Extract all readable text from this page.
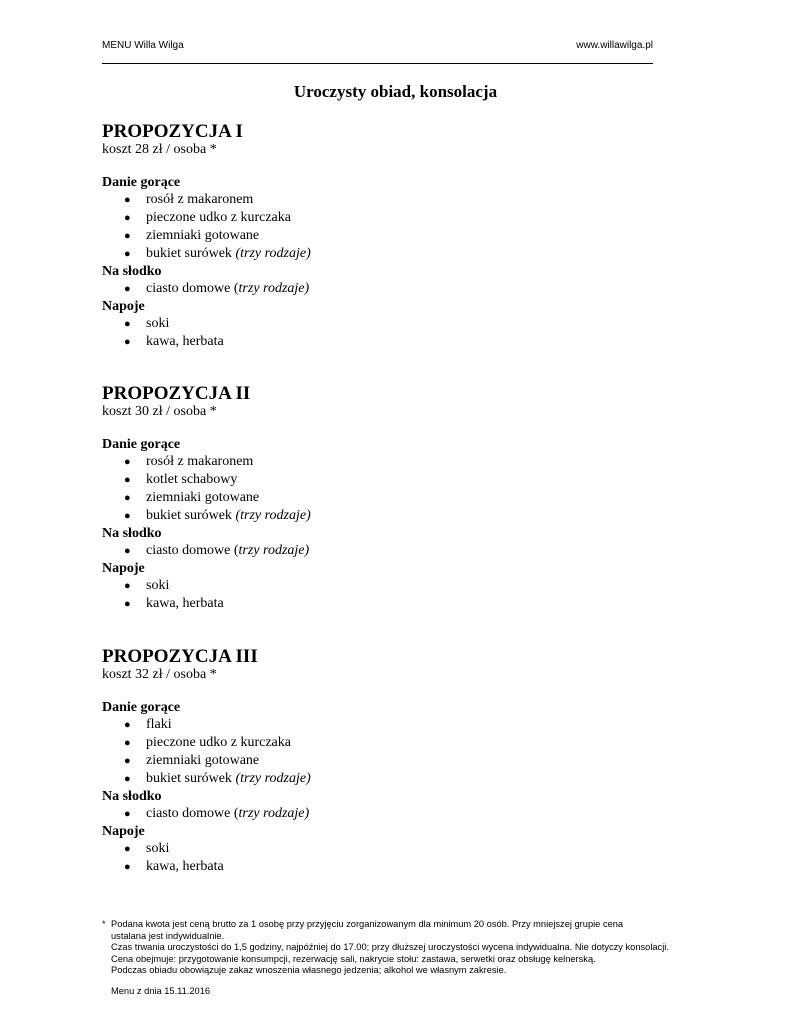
MENU Willa Wilga	www.willawilga.pl
Uroczysty obiad, konsolacja
PROPOZYCJA I
koszt 28 zł / osoba *
Danie gorące
● rosół z makaronem
● pieczone udko z kurczaka
● ziemniaki gotowane
● bukiet surówek (trzy rodzaje)
Na słodko
● ciasto domowe (trzy rodzaje)
Napoje
● soki
● kawa, herbata
PROPOZYCJA II
koszt 30 zł / osoba *
Danie gorące
● rosół z makaronem
● kotlet schabowy
● ziemniaki gotowane
● bukiet surówek (trzy rodzaje)
Na słodko
● ciasto domowe (trzy rodzaje)
Napoje
● soki
● kawa, herbata
PROPOZYCJA III
koszt 32 zł / osoba *
Danie gorące
● flaki
● pieczone udko z kurczaka
● ziemniaki gotowane
● bukiet surówek (trzy rodzaje)
Na słodko
● ciasto domowe (trzy rodzaje)
Napoje
● soki
● kawa, herbata
* Podana kwota jest ceną brutto za 1 osobę przy przyjęciu zorganizowanym dla minimum 20 osób. Przy mniejszej grupie cena
ustalana jest indywidualnie.
Czas trwania uroczystości do 1,5 godziny, najpóźniej do 17.00; przy dłuższej uroczystości wycena indywidualna. Nie dotyczy konsolacji.
Cena obejmuje: przygotowanie konsumpcji, rezerwację sali, nakrycie stołu: zastawa, serwetki oraz obsługę kelnerską.
Podczas obiadu obowiązuje zakaz wnoszenia własnego jedzenia; alkohol we własnym zakresie.
Menu z dnia 15.11.2016
